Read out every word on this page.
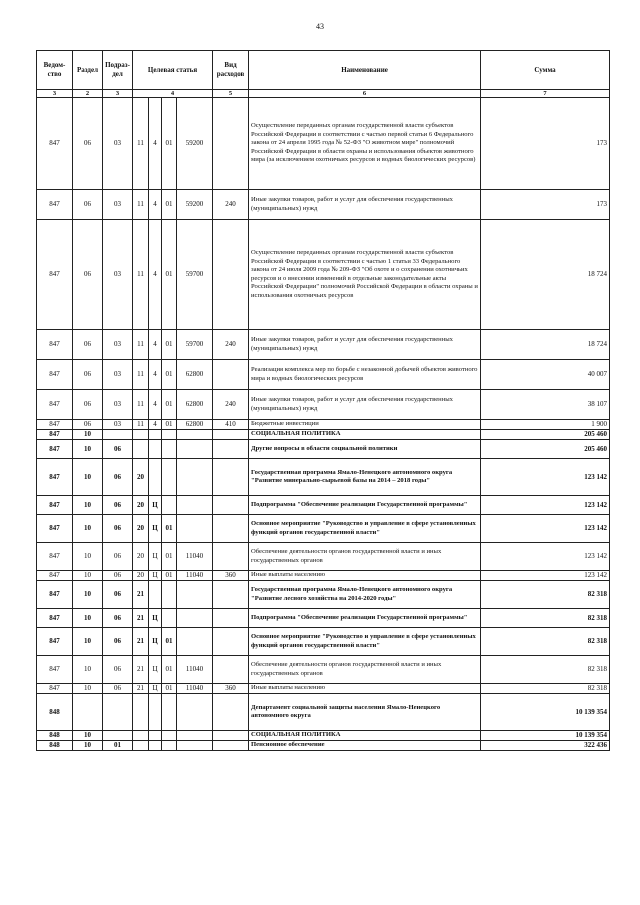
43
Ведом-ство	Раздел	Подраз-дел	Целевая статья				Вид расходов	Наименование	Сумма
3	2	3	4				5	6	7
847	06	03	11	4	01	59200		Осуществление переданных органам государственной власти субъектов Российской Федерации в соответствии с частью первой статьи 6 Федерального закона от 24 апреля 1995 года № 52-ФЗ "О животном мире" полномочий Российской Федерации в области охраны и использования объектов животного мира (за исключением охотничьих ресурсов и водных биологических ресурсов)	173
847	06	03	11	4	01	59200	240	Иные закупки товаров, работ и услуг для обеспечения государственных (муниципальных) нужд	173
847	06	03	11	4	01	59700		Осуществление переданных органам государственной власти субъектов Российской Федерации в соответствии с частью 1 статьи 33 Федерального закона от 24 июля 2009 года № 209-ФЗ "Об охоте и о сохранении охотничьих ресурсов и о внесении изменений в отдельные законодательные акты Российской Федерации" полномочий Российской Федерации в области охраны и использования охотничьих ресурсов	18 724
847	06	03	11	4	01	59700	240	Иные закупки товаров, работ и услуг для обеспечения государственных (муниципальных) нужд	18 724
847	06	03	11	4	01	62800		Реализация комплекса мер по борьбе с незаконной добычей объектов животного мира и водных биологических ресурсов	40 007
847	06	03	11	4	01	62800	240	Иные закупки товаров, работ и услуг для обеспечения государственных (муниципальных) нужд	38 107
847	06	03	11	4	01	62800	410	Бюджетные инвестиции	1 900
847	10							СОЦИАЛЬНАЯ ПОЛИТИКА	205 460
847	10	06						Другие вопросы в области социальной политики	205 460
847	10	06	20					Государственная программа Ямало-Ненецкого автономного округа "Развитие минерально-сырьевой базы на 2014 – 2018 годы"	123 142
847	10	06	20	Ц				Подпрограмма "Обеспечение реализации Государственной программы"	123 142
847	10	06	20	Ц	01			Основное мероприятие "Руководство и управление в сфере установленных функций органов государственной власти"	123 142
847	10	06	20	Ц	01	11040		Обеспечение деятельности органов государственной власти и иных государственных органов	123 142
847	10	06	20	Ц	01	11040	360	Иные выплаты населению	123 142
847	10	06	21					Государственная программа Ямало-Ненецкого автономного округа "Развитие лесного хозяйства на 2014-2020 годы"	82 318
847	10	06	21	Ц				Подпрограмма "Обеспечение реализации Государственной программы"	82 318
847	10	06	21	Ц	01			Основное мероприятие "Руководство и управление в сфере установленных функций органов государственной власти"	82 318
847	10	06	21	Ц	01	11040		Обеспечение деятельности органов государственной власти и иных государственных органов	82 318
847	10	06	21	Ц	01	11040	360	Иные выплаты населению	82 318
848								Департамент социальной защиты населения Ямало-Ненецкого автономного округа	10 139 354
848	10							СОЦИАЛЬНАЯ ПОЛИТИКА	10 139 354
848	10	01						Пенсионное обеспечение	322 436
